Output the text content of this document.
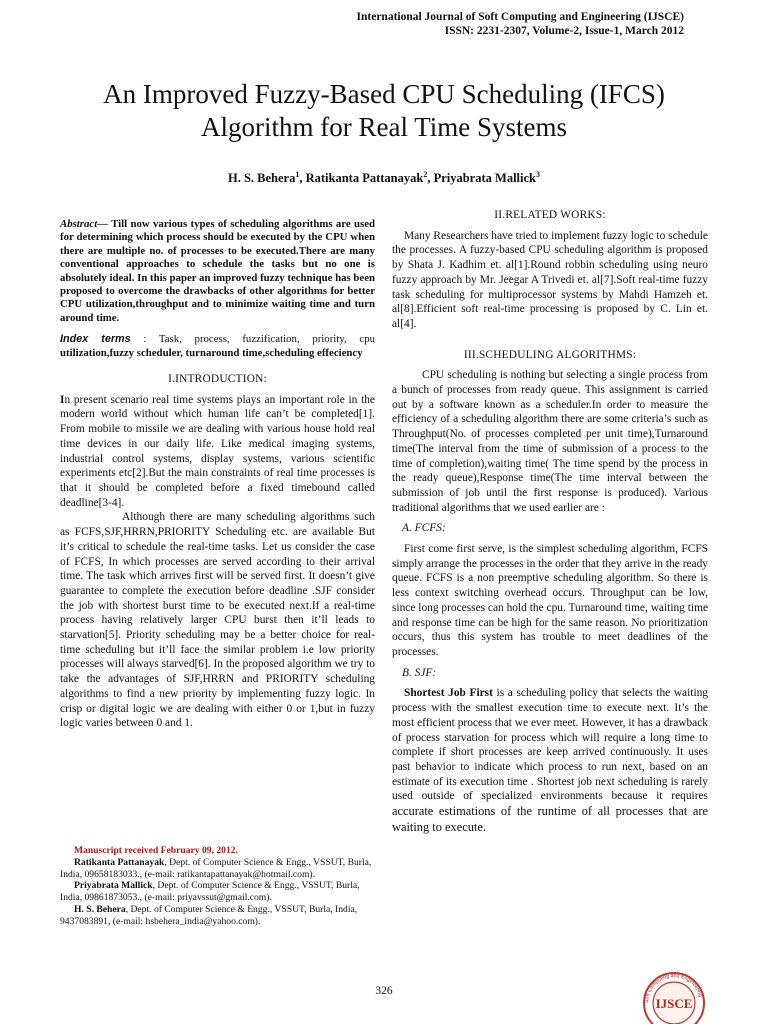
International Journal of Soft Computing and Engineering (IJSCE)
ISSN: 2231-2307, Volume-2, Issue-1, March 2012
An Improved Fuzzy-Based CPU Scheduling (IFCS)
Algorithm for Real Time Systems
H. S. Behera$^1$, Ratikanta Pattanayak$^2$, Priyabrata Mallick$^3$

Abstract— Till now various types of scheduling algorithms are used for determining which process should be executed by the CPU when there are multiple no. of processes to be executed.There are many conventional approaches to schedule the tasks but no one is absolutely ideal. In this paper an improved fuzzy technique has been proposed to overcome the drawbacks of other algorithms for better CPU utilization,throughput and to minimize waiting time and turn around time.

Index terms : Task, process, fuzzification, priority, cpu utilization,fuzzy scheduler, turnaround time,scheduling effeciency

I.INTRODUCTION:

In present scenario real time systems plays an important role in the modern world without which human life can’t be completed[1]. From mobile to missile we are dealing with various house hold real time devices in our daily life. Like medical imaging systems, industrial control systems, display systems, various scientific experiments etc[2].But the main constraints of real time processes is that it should be completed before a fixed timebound called deadline[3-4].

Although there are many scheduling algorithms such as FCFS,SJF,HRRN,PRIORITY Scheduling etc. are available But it’s critical to schedule the real-time tasks. Let us consider the case of FCFS, In which processes are served according to their arrival time. The task which arrives first will be served first. It doesn’t give guarantee to complete the execution before deadline .SJF consider the job with shortest burst time to be executed next.If a real-time process having relatively larger CPU burst then it’ll leads to starvation[5]. Priority scheduling may be a better choice for real-time scheduling but it’ll face the similar problem i.e low priority processes will always starved[6]. In the proposed algorithm we try to take the advantages of SJF,HRRN and PRIORITY scheduling algorithms to find a new priority by implementing fuzzy logic. In crisp or digital logic we are dealing with either 0 or 1,but in fuzzy logic varies between 0 and 1.

II.RELATED WORKS:

Many Researchers have tried to implement fuzzy logic to schedule the processes. A fuzzy-based CPU scheduling algorithm is proposed by Shata J. Kadhim et. al[1].Round robbin scheduling using neuro fuzzy approach by Mr. Jeegar A Trivedi et. al[7].Soft real-time fuzzy task scheduling for multiprocessor systems by Mahdi Hamzeh et. al[8].Efficient soft real-time processing is proposed by C. Lin et. al[4].

III.SCHEDULING ALGORITHMS:

CPU scheduling is nothing but selecting a single process from a bunch of processes from ready queue. This assignment is carried out by a software known as a scheduler.In order to measure the efficiency of a scheduling algorithm there are some criteria’s such as Throughput(No. of processes completed per unit time),Turnaround time(The interval from the time of submission of a process to the time of completion),waiting time( The time spend by the process in the ready queue),Response time(The time interval between the submission of job until the first response is produced). Various traditional algorithms that we used earlier are :

A. FCFS:

First come first serve, is the simplest scheduling algorithm, FCFS simply arrange the processes in the order that they arrive in the ready queue. FCFS is a non preemptive scheduling algorithm. So there is less context switching overhead occurs. Throughput can be low, since long processes can hold the cpu. Turnaround time, waiting time and response time can be high for the same reason. No prioritization occurs, thus this system has trouble to meet deadlines of the processes.

B. SJF:

Shortest Job First is a scheduling policy that selects the waiting process with the smallest execution time to execute next. It’s the most efficient process that we ever meet. However, it has a drawback of process starvation for process which will require a long time to complete if short processes are keep arrived continuously. It uses past behavior to indicate which process to run next, based on an estimate of its execution time . Shortest job next scheduling is rarely used outside of specialized environments because it requires accurate estimations of the runtime of all processes that are waiting to execute.

Manuscript received February 09, 2012.
Ratikanta Pattanayak, Dept. of Computer Science & Engg., VSSUT, Burla, India, 09658183033., (e-mail: ratikantapattanayak@hotmail.com).
Priyabrata Mallick, Dept. of Computer Science & Engg., VSSUT, Burla, India, 09861873053., (e-mail: priyavssut@gmail.com).
H. S. Behera, Dept. of Computer Science & Engg., VSSUT, Burla, India, 9437083891, (e-mail: hsbehera_india@yahoo.com).
326
Soft Computing and Engineering
IJSCE
